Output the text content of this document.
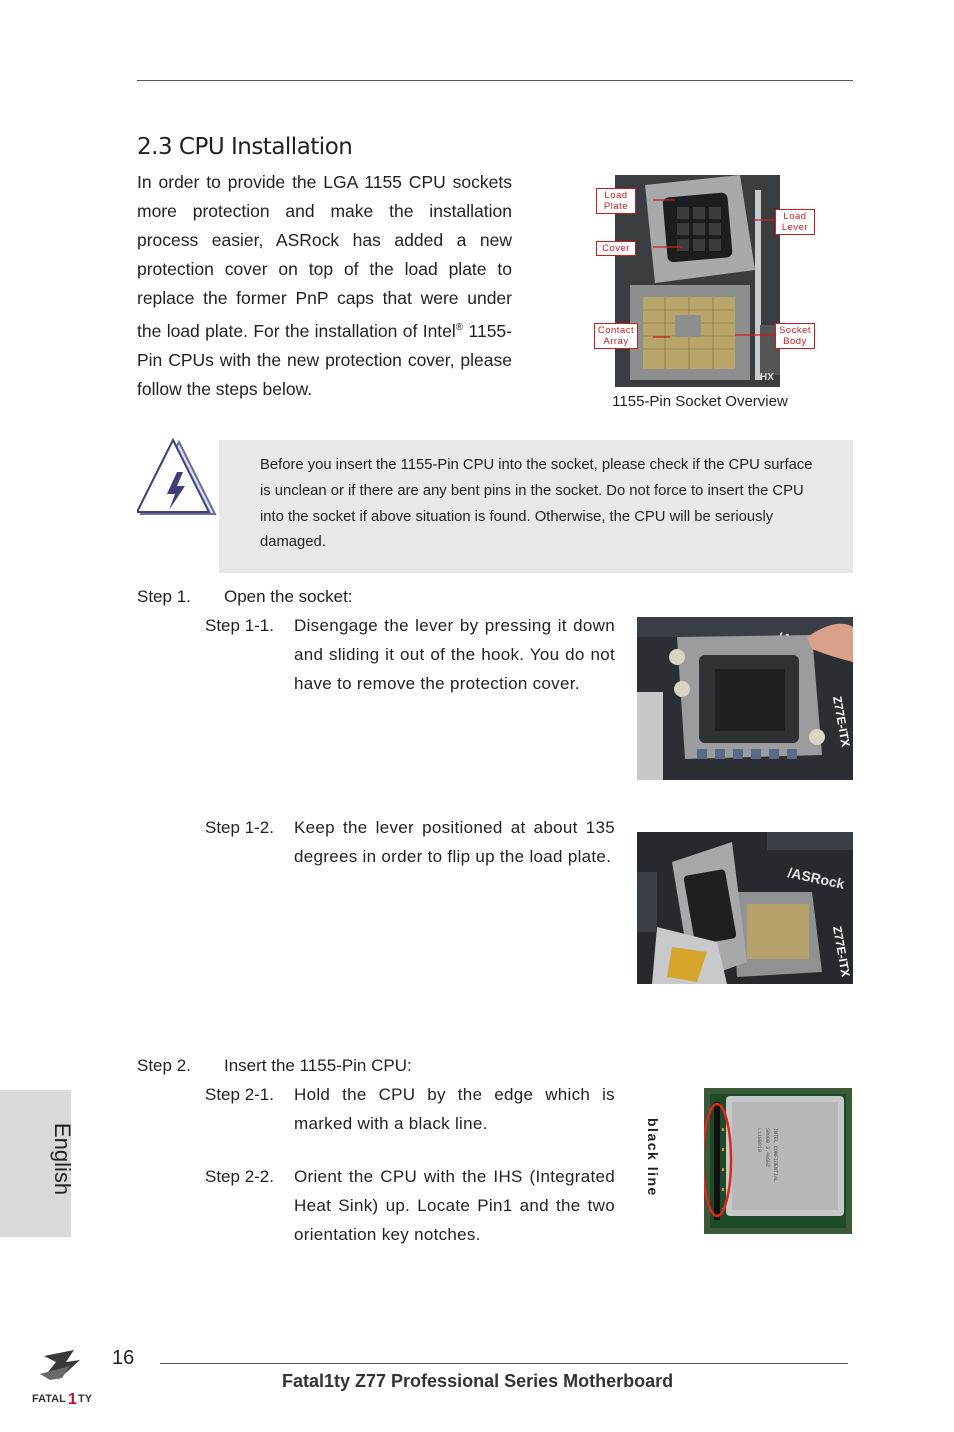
2.3 CPU Installation
In order to provide the LGA 1155 CPU sockets more protection and make the installation process easier, ASRock has added a new protection cover on top of the load plate to replace the former PnP caps that were under the load plate. For the installation of Intel® 1155-Pin CPUs with the new protection cover, please follow the steps below.
HX
Load Plate
Cover
Load Lever
Contact Array
Socket Body
1155-Pin Socket Overview
Before you insert the 1155-Pin CPU into the socket, please check if the CPU surface is unclean or if there are any bent pins in the socket. Do not force to insert the CPU into the socket if above situation is found. Otherwise, the CPU will be seriously damaged.
Step 1. Open the socket:
Step 1-1. Disengage the lever by pressing it down and sliding it out of the hook. You do not have to remove the protection cover.
Z77E-ITX
Step 1-2. Keep the lever positioned at about 135 degrees in order to flip up the load plate.
/ASRock
Z77E-ITX
Step 2. Insert the 1155-Pin CPU:
Step 2-1. Hold the CPU by the edge which is marked with a black line.
Step 2-2. Orient the CPU with the IHS (Integrated Heat Sink) up. Locate Pin1 and the two orientation key notches.
INTEL CONFIDENTIAL
SR00B 3.40GHZ
L110B010
black line
English
FATAL 1 TY
16
Fatal1ty Z77 Professional Series Motherboard
